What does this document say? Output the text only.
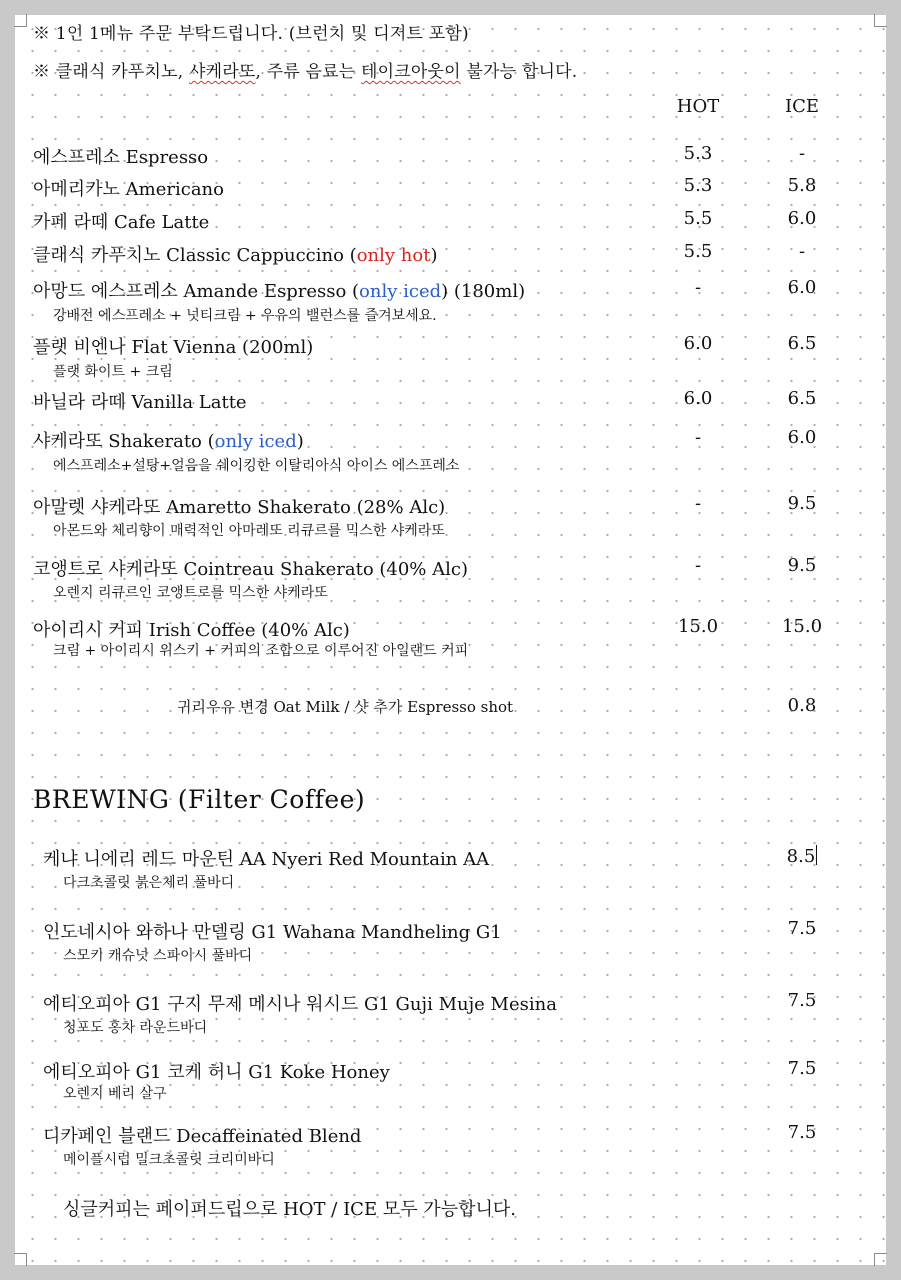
※ 1인 1메뉴 주문 부탁드립니다. (브런치 및 디저트 포함)
※ 클래식 카푸치노, 샤케라또, 주류 음료는 테이크아웃이 불가능 합니다.
HOT	ICE
에스프레소 Espresso	5.3	-
아메리카노 Americano	5.3	5.8
카페 라떼 Cafe Latte	5.5	6.0
클래식 카푸치노 Classic Cappuccino (only hot)	5.5	-
아망드 에스프레소 Amande Espresso (only iced) (180ml)	-	6.0
강배전 에스프레소 + 넛티크림 + 우유의 밸런스를 즐겨보세요.
플랫 비엔나 Flat Vienna (200ml)	6.0	6.5
플랫 화이트 + 크림
바닐라 라떼 Vanilla Latte	6.0	6.5
샤케라또 Shakerato (only iced)	-	6.0
에스프레소+설탕+얼음을 쉐이킹한 이탈리아식 아이스 에스프레소
아말렛 샤케라또 Amaretto Shakerato (28% Alc)	-	9.5
아몬드와 체리향이 매력적인 아마레또 리큐르를 믹스한 샤케라또
코앵트로 샤케라또 Cointreau Shakerato (40% Alc)	-	9.5
오렌지 리큐르인 코앵트로를 믹스한 샤케라또
아이리시 커피 Irish Coffee (40% Alc)	15.0	15.0
크림 + 아이리시 위스키 + 커피의 조합으로 이루어진 아일랜드 커피
귀리우유 변경 Oat Milk / 샷 추가 Espresso shot	0.8
BREWING (Filter Coffee)
케냐 니에리 레드 마운틴 AA Nyeri Red Mountain AA	8.5
다크초콜릿 붉은체리 풀바디
인도네시아 와하나 만델링 G1 Wahana Mandheling G1	7.5
스모키 캐슈넛 스파이시 풀바디
에티오피아 G1 구지 무제 메시나 워시드 G1 Guji Muje Mesina	7.5
청포도 홍차 라운드바디
에티오피아 G1 코케 허니 G1 Koke Honey	7.5
오렌지 베리 살구
디카페인 블랜드 Decaffeinated Blend	7.5
메이플시럽 밀크초콜릿 크리미바디
싱글커피는 페이퍼드립으로 HOT / ICE 모두 가능합니다.
